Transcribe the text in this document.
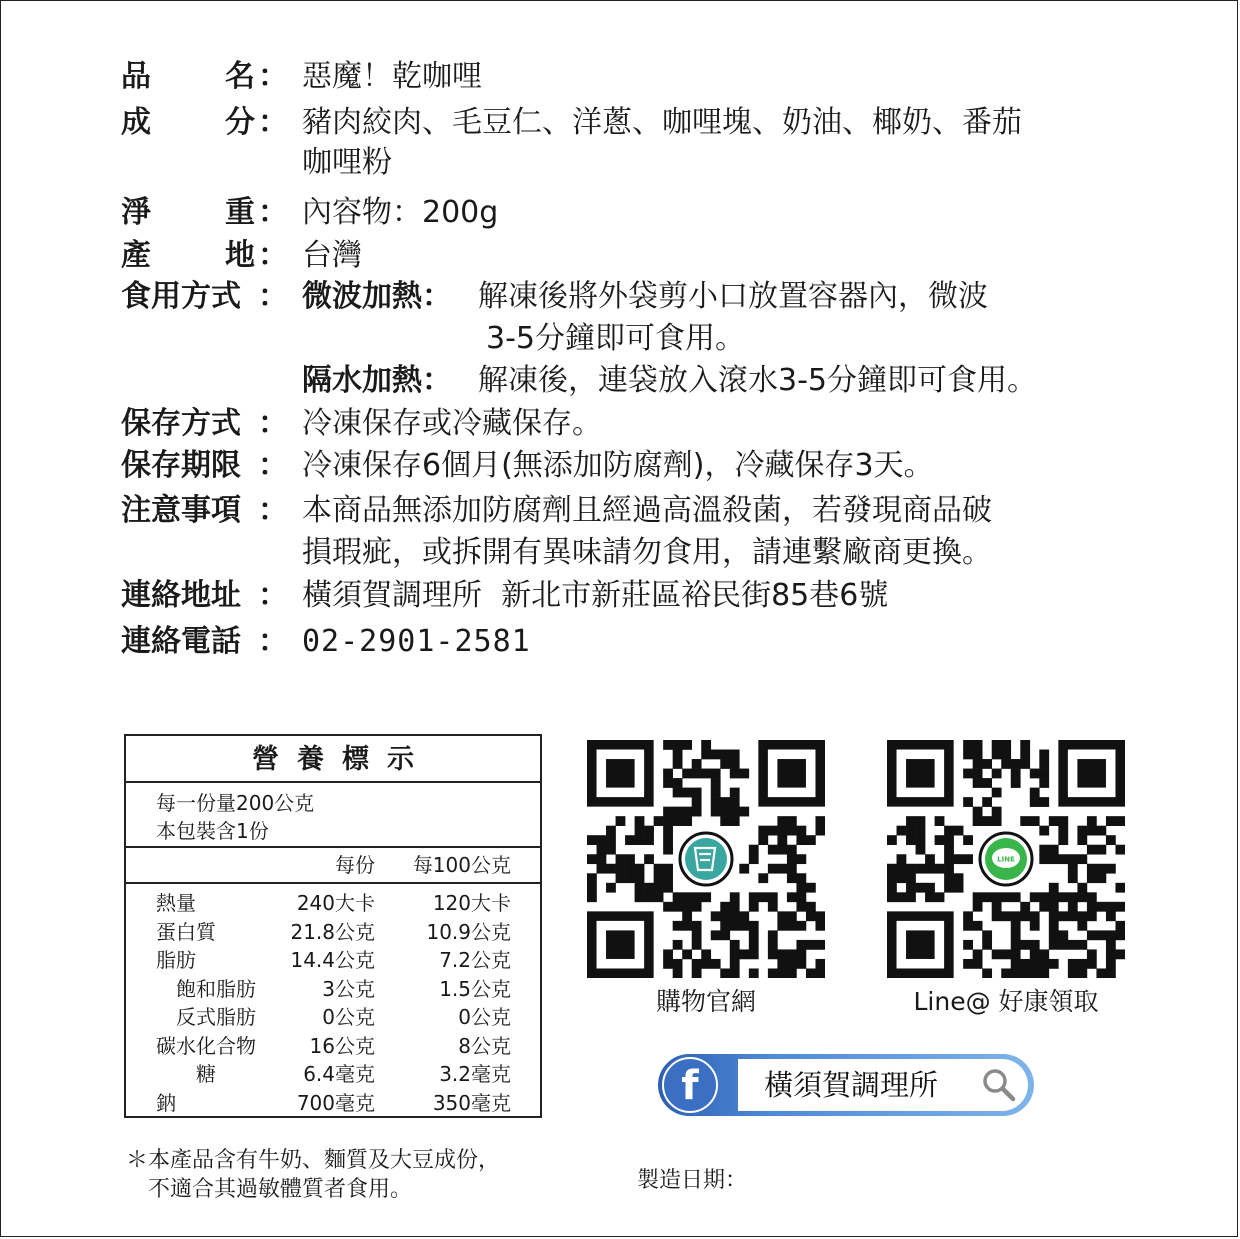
品 名 ： 惡魔！乾咖哩
成 分 ： 豬肉絞肉、毛豆仁、洋蔥、咖哩塊、奶油、椰奶、番茄
咖哩粉
淨 重 ： 內容物：200g
產 地 ： 台灣
食用方式 ： 微波加熱： 解凍後將外袋剪小口放置容器內，微波
3-5分鐘即可食用。
隔水加熱： 解凍後，連袋放入滾水3-5分鐘即可食用。
保存方式 ： 冷凍保存或冷藏保存。
保存期限 ： 冷凍保存6個月(無添加防腐劑)，冷藏保存3天。
注意事項 ： 本商品無添加防腐劑且經過高溫殺菌，若發現商品破
損瑕疵，或拆開有異味請勿食用，請連繫廠商更換。
連絡地址 ： 橫須賀調理所  新北市新莊區裕民街85巷6號
連絡電話 ： 02-2901-2581
營養標示
每一份量200公克
本包裝含1份
每份 每100公克
熱量	240大卡	120大卡
蛋白質	21.8公克	10.9公克
脂肪	14.4公克	7.2公克
飽和脂肪	3公克	1.5公克
反式脂肪	0公克	0公克
碳水化合物	16公克	8公克
糖	6.4毫克	3.2毫克
鈉	700毫克	350毫克
購物官網
LINE
Line@ 好康領取
f	橫須賀調理所
＊本產品含有牛奶、麵質及大豆成份，
不適合其過敏體質者食用。	製造日期：
